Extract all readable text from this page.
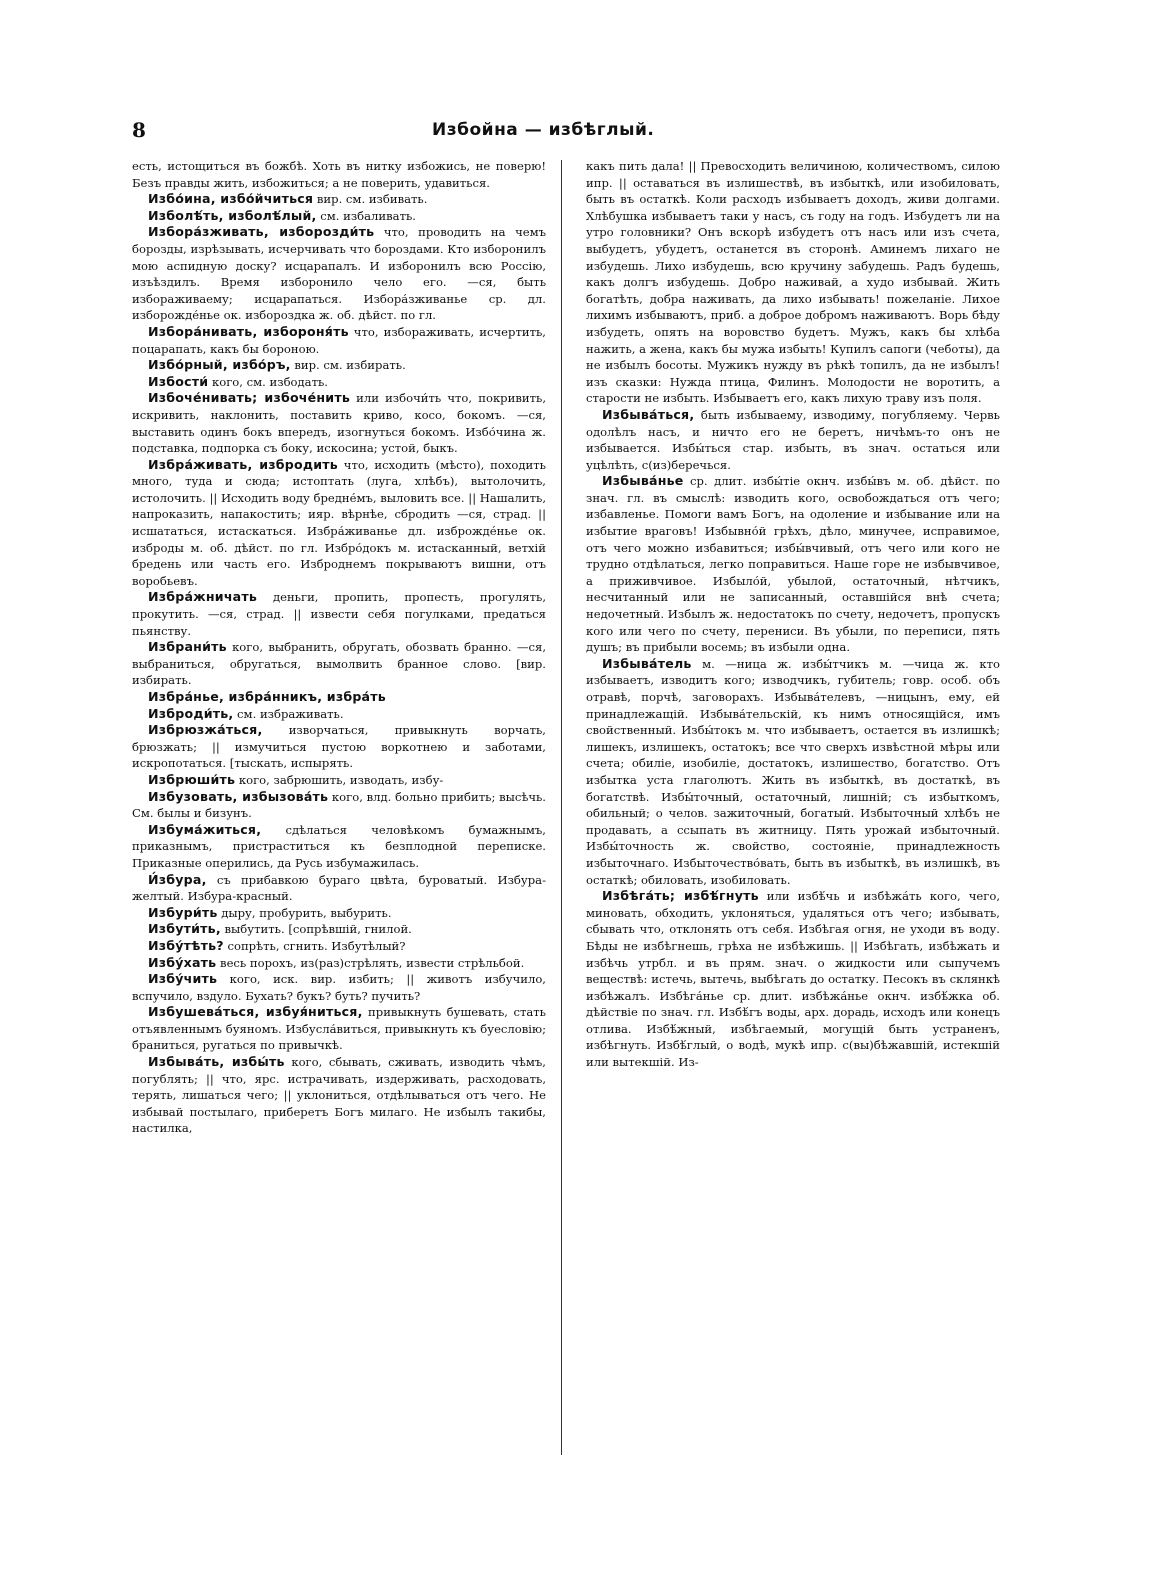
8	Избойна — избѣглый.

есть, истощиться въ божбѣ. Хоть въ нитку избожись, не поверю! Безъ правды жить, избожиться; а не поверить, удавиться.

Избо́ина, избо́йчиться вир. см. избивать.

Изболѣ́ть, изболѣ́лый, см. избаливать.

Избора́зживать, изборозди́ть что, проводить на чемъ борозды, изрѣзывать, исчерчивать что бороздами. Кто изборонилъ мою аспидную доску? исцарапалъ. И изборонилъ всю Россію, изъѣздилъ. Время изборонило чело его. —ся, быть избораживаему; исцарапаться. Избора́зживанье ср. дл. изборожде́нье ок. избороздка ж. об. дѣйст. по гл.

Избора́нивать, избороня́ть что, избораживать, исчертить, поцарапать, какъ бы бороною.

Избо́рный, избо́ръ, вир. см. избирать.

Избости́ кого, см. избодать.

Избоче́нивать; избоче́нить или избочи́ть что, покривить, искривить, наклонить, поставить криво, косо, бокомъ. —ся, выставить одинъ бокъ впередъ, изогнуться бокомъ. Избо́чина ж. подставка, подпорка съ боку, искосина; устой, быкъ.

Избра́живать, избродить что, исходить (мѣсто), походить много, туда и сюда; истоптать (луга, хлѣбъ), вытолочить, истолочить. || Исходить воду бредне́мъ, выловить все. || Нашалить, напроказить, напакостить; ияр. вѣрнѣе, сбродить —ся, страд. || исшататься, истаскаться. Избра́живанье дл. изброжде́нье ок. изброды м. об. дѣйст. по гл. Избро́докъ м. истасканный, ветхій бредень или часть его. Изброднемъ покрываютъ вишни, отъ воробьевъ.

Избра́жничать деньги, пропить, пропесть, прогулять, прокутить. —ся, страд. || извести себя погулками, предаться пьянству.

Избрани́ть кого, выбранить, обругать, обозвать бранно. —ся, выбраниться, обругаться, вымолвить бранное слово. [вир. избирать.

Избра́нье, избра́нникъ, избра́ть

Изброди́ть, см. избраживать.

Избрюзжа́ться, изворчаться, привыкнуть ворчать, брюзжать; || измучиться пустою воркотнею и заботами, искропотаться. [тыскать, испырять.

Избрюши́ть кого, забрюшить, изводать, избу-

Избузовать, избызова́ть кого, влд. больно прибить; высѣчь. См. былы и бизунъ.

Избума́житься, сдѣлаться человѣкомъ бумажнымъ, приказнымъ, пристраститься къ безплодной переписке. Приказные оперились, да Русь избумажилась.

И́збура, съ прибавкою бураго цвѣта, буроватый. Избура-желтый. Избура-красный.

Избури́ть дыру, пробурить, выбурить.

Избути́ть, выбутить. [сопрѣвшій, гнилой.

Избу́тѣть? сопрѣть, сгнить. Избутѣлый?

Избу́хать весь порохъ, из(раз)стрѣлять, извести стрѣльбой.

Избу́чить кого, иск. вир. избить; || животъ избучило, вспучило, вздуло. Бухать? букъ? буть? пучить?

Избушева́ться, избуя́ниться, привыкнуть бушевать, стать отъявленнымъ буяномъ. Избусла́виться, привыкнуть къ буесловію; браниться, ругаться по привычкѣ.

Избыва́ть, избы́ть кого, сбывать, сживать, изводить чѣмъ, погублять; || что, ярс. истрачивать, издерживать, расходовать, терять, лишаться чего; || уклониться, отдѣлываться отъ чего. Не избывай постылаго, приберетъ Богъ милаго. Не избылъ такибы, настилка,

какъ пить дала! || Превосходить величиною, количествомъ, силою ипр. || оставаться въ излишествѣ, въ избыткѣ, или изобиловать, быть въ остаткѣ. Коли расходъ избываетъ доходъ, живи долгами. Хлѣбушка избываетъ таки у насъ, съ году на годъ. Избудетъ ли на утро головники? Онъ вскорѣ избудетъ отъ насъ или изъ счета, выбудетъ, убудетъ, останется въ сторонѣ. Аминемъ лихаго не избудешь. Лихо избудешь, всю кручину забудешь. Радъ будешь, какъ долгъ избудешь. Добро наживай, а худо избывай. Жить богатѣть, добра наживать, да лихо избывать! пожеланіе. Лихое лихимъ избываютъ, приб. а доброе добромъ наживаютъ. Ворь бѣду избудеть, опять на воровство будетъ. Мужъ, какъ бы хлѣба нажить, а жена, какъ бы мужа избыть! Купилъ сапоги (чеботы), да не избылъ босоты. Мужикъ нужду въ рѣкѣ топилъ, да не избылъ! изъ сказки: Нужда птица, Филинъ. Молодости не воротить, а старости не избыть. Избываетъ его, какъ лихую траву изъ поля.

Избыва́ться, быть избываему, изводиму, погубляему. Червь одолѣлъ насъ, и ничто его не беретъ, ничѣмъ-то онъ не избывается. Избы́ться стар. избыть, въ знач. остаться или уцѣлѣть, с(из)беречься.

Избыва́нье ср. длит. избы́тіе окнч. избы́въ м. об. дѣйст. по знач. гл. въ смыслѣ: изводить кого, освобождаться отъ чего; избавленье. Помоги вамъ Богъ, на одоление и избывание или на избытие враговъ! Избывно́й грѣхъ, дѣло, минучее, исправимое, отъ чего можно избавиться; избы́вчивый, отъ чего или кого не трудно отдѣлаться, легко поправиться. Наше горе не избывчивое, а приживчивое. Избыло́й, убылой, остаточный, нѣтчикъ, несчитанный или не записанный, оставшійся внѣ счета; недочетный. Избылъ ж. недостатокъ по счету, недочетъ, пропускъ кого или чего по счету, перениси. Въ убыли, по переписи, пять душъ; въ прибыли восемь; въ избыли одна.

Избыва́тель м. —ница ж. избы́тчикъ м. —чица ж. кто избываетъ, изводитъ кого; изводчикъ, губитель; говр. особ. объ отравѣ, порчѣ, заговорахъ. Избыва́телевъ, —ницынъ, ему, ей принадлежащій. Избыва́тельскій, къ нимъ относящійся, имъ свойственный. Избы́токъ м. что избываетъ, остается въ излишкѣ; лишекъ, излишекъ, остатокъ; все что сверхъ извѣстной мѣры или счета; обиліе, изобиліе, достатокъ, излишество, богатство. Отъ избытка уста глаголютъ. Жить въ избыткѣ, въ достаткѣ, въ богатствѣ. Избы́точный, остаточный, лишній; съ избыткомъ, обильный; о челов. зажиточный, богатый. Избыточный хлѣбъ не продавать, а ссыпать въ житницу. Пять урожай избыточный. Избы́точность ж. свойство, состояніе, принадлежность избыточнаго. Избыточество́вать, быть въ избыткѣ, въ излишкѣ, въ остаткѣ; обиловать, изобиловать.

Избѣга́ть; избѣ́гнуть или избѣ́чь и избѣжа́ть кого, чего, миновать, обходить, уклоняться, удаляться отъ чего; избывать, сбывать что, отклонять отъ себя. Избѣгая огня, не уходи въ воду. Бѣды не избѣгнешь, грѣха не избѣжишь. || Избѣгать, избѣжать и избѣчь утрбл. и въ прям. знач. о жидкости или сыпучемъ веществѣ: истечь, вытечь, выбѣгать до остатку. Песокъ въ склянкѣ избѣжалъ. Избѣга́нье ср. длит. избѣжа́нье окнч. избѣ́жка об. дѣйствіе по знач. гл. Избѣ́гъ воды, арх. дорадь, исходъ или конецъ отлива. Избѣ́жный, избѣгаемый, могущій быть устраненъ, избѣгнуть. Избѣ́глый, о водѣ, мукѣ ипр. с(вы)бѣжавшій, истекшій или вытекшій. Из-
